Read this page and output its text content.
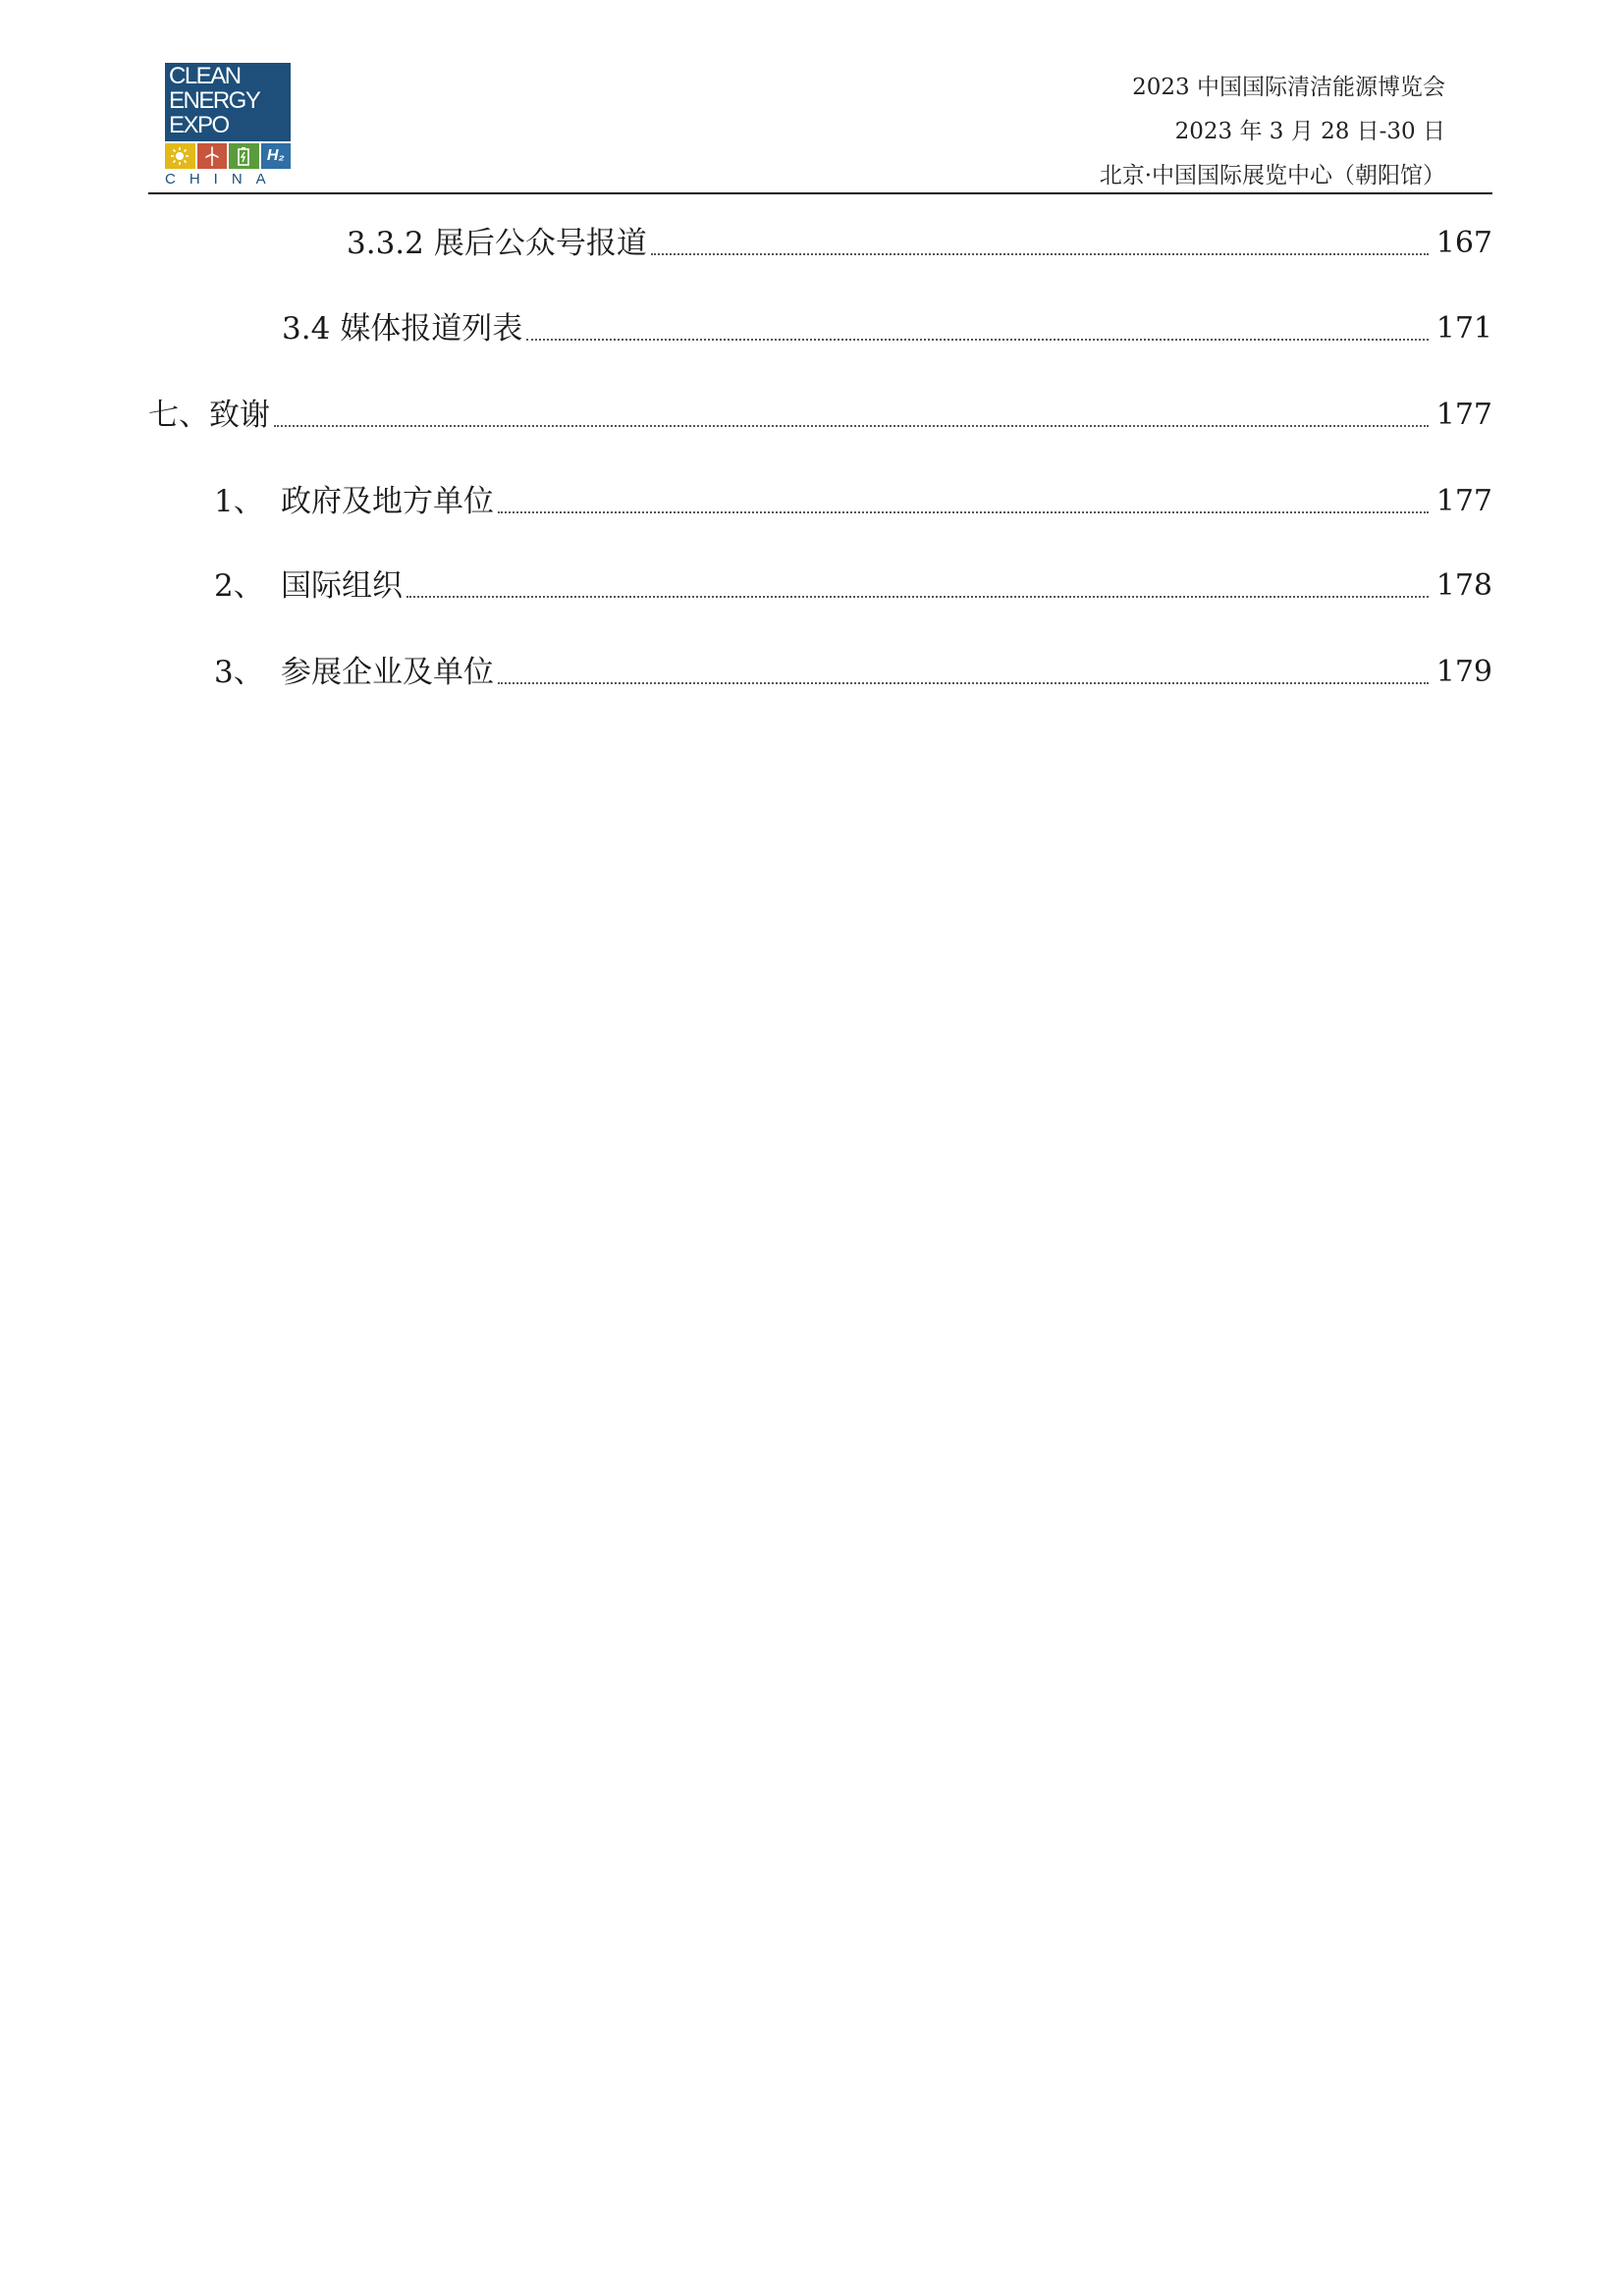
CLEAN
ENERGY
EXPO
H₂
CHINA
2023 中国国际清洁能源博览会
2023 年 3 月 28 日-30 日
北京·中国国际展览中心（朝阳馆）
3.3.2 展后公众号报道	167
3.4 媒体报道列表	171
七、 致谢	177
1、 政府及地方单位	177
2、 国际组织	178
3、 参展企业及单位	179
